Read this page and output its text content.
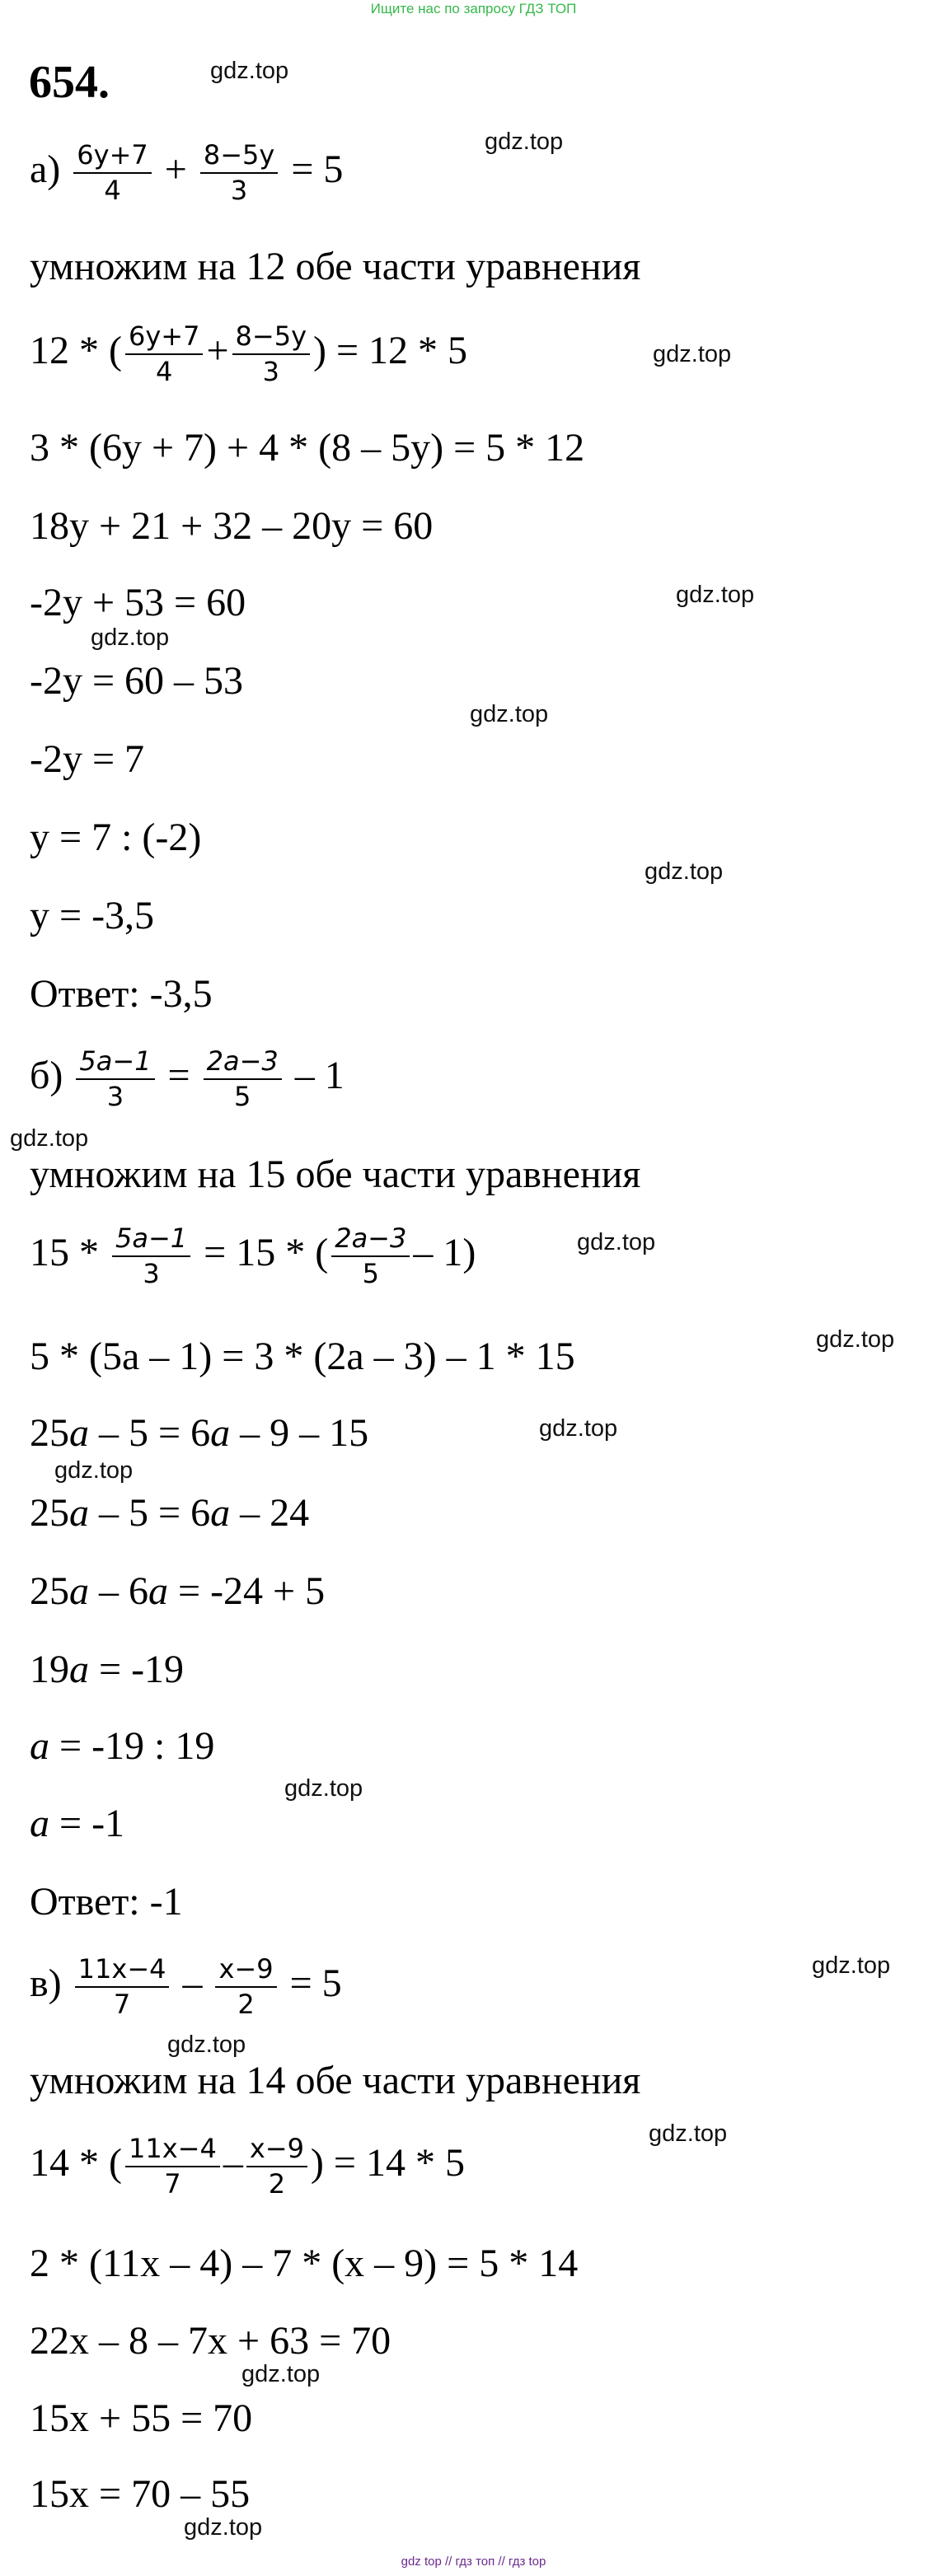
Ищите нас по запросу ГДЗ ТОП
654.
$а) \frac{6y+7}{4} + \frac{8-5y}{3} = 5$
умножим на 12 обе части уравнения
12 * ( $\frac{6y+7}{4} + \frac{8-5y}{3}$ ) = 12 * 5
3 * (6y + 7) + 4 * (8 – 5y) = 5 * 12
18y + 21 + 32 – 20y = 60
-2y + 53 = 60
-2y = 60 – 53
-2y = 7
y = 7 : (-2)
y = -3,5
Ответ: -3,5
$б) \frac{5a-1}{3} = \frac{2a-3}{5} - 1$
умножим на 15 обе части уравнения
$15 * \frac{5a-1}{3} = 15$ * ( $\frac{2a-3}{5} - 1$)
5 * (5a – 1) = 3 * (2a – 3) – 1 * 15
25a – 5 = 6a – 9 – 15
25a – 5 = 6a – 24
25a – 6a = -24 + 5
19a = -19
a = -19 : 19
a = -1
Ответ: -1
$в) \frac{11x-4}{7} - \frac{x-9}{2} = 5$
умножим на 14 обе части уравнения
14 * ( $\frac{11x-4}{7} - \frac{x-9}{2}$ ) = 14 * 5
2 * (11x – 4) – 7 * (x – 9) = 5 * 14
22x – 8 – 7x + 63 = 70
15x + 55 = 70
15x = 70 – 55
gdz.top
gdz.top
gdz.top
gdz.top
gdz.top
gdz.top
gdz.top
gdz.top
gdz.top
gdz.top
gdz.top
gdz.top
gdz.top
gdz.top
gdz.top
gdz.top
gdz.top
gdz.top
gdz top // гдз топ // гдз top
